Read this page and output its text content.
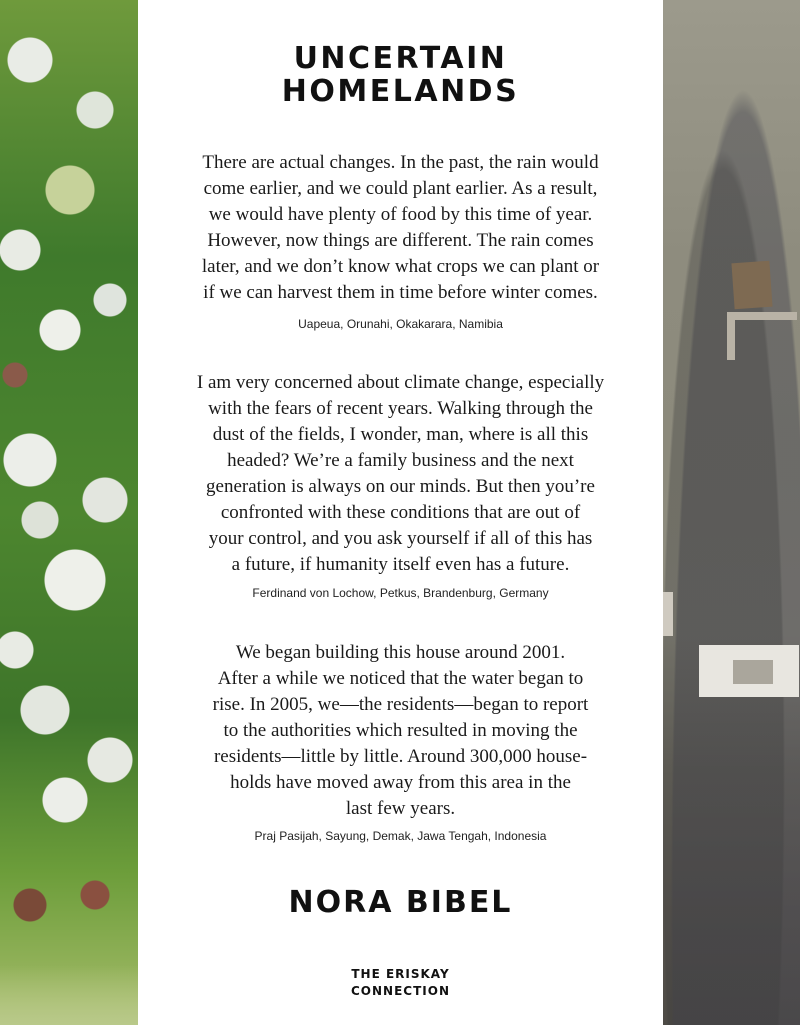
UNCERTAIN
HOMELANDS

There are actual changes. In the past, the rain would

come earlier, and we could plant earlier. As a result,

we would have plenty of food by this time of year.

However, now things are different. The rain comes

later, and we don’t know what crops we can plant or

if we can harvest them in time before winter comes.

Uapeua, Orunahi, Okakarara, Namibia

I am very concerned about climate change, especially

with the fears of recent years. Walking through the

dust of the fields, I wonder, man, where is all this

headed? We’re a family business and the next

generation is always on our minds. But then you’re

confronted with these conditions that are out of

your control, and you ask yourself if all of this has

a future, if humanity itself even has a future.

Ferdinand von Lochow, Petkus, Brandenburg, Germany

We began building this house around 2001.

After a while we noticed that the water began to

rise. In 2005, we—the residents—began to report

to the authorities which resulted in moving the

residents—little by little. Around 300,000 house-

holds have moved away from this area in the

last few years.

Praj Pasijah, Sayung, Demak, Jawa Tengah, Indonesia
NORA BIBEL
THE ERISKAY
CONNECTION
